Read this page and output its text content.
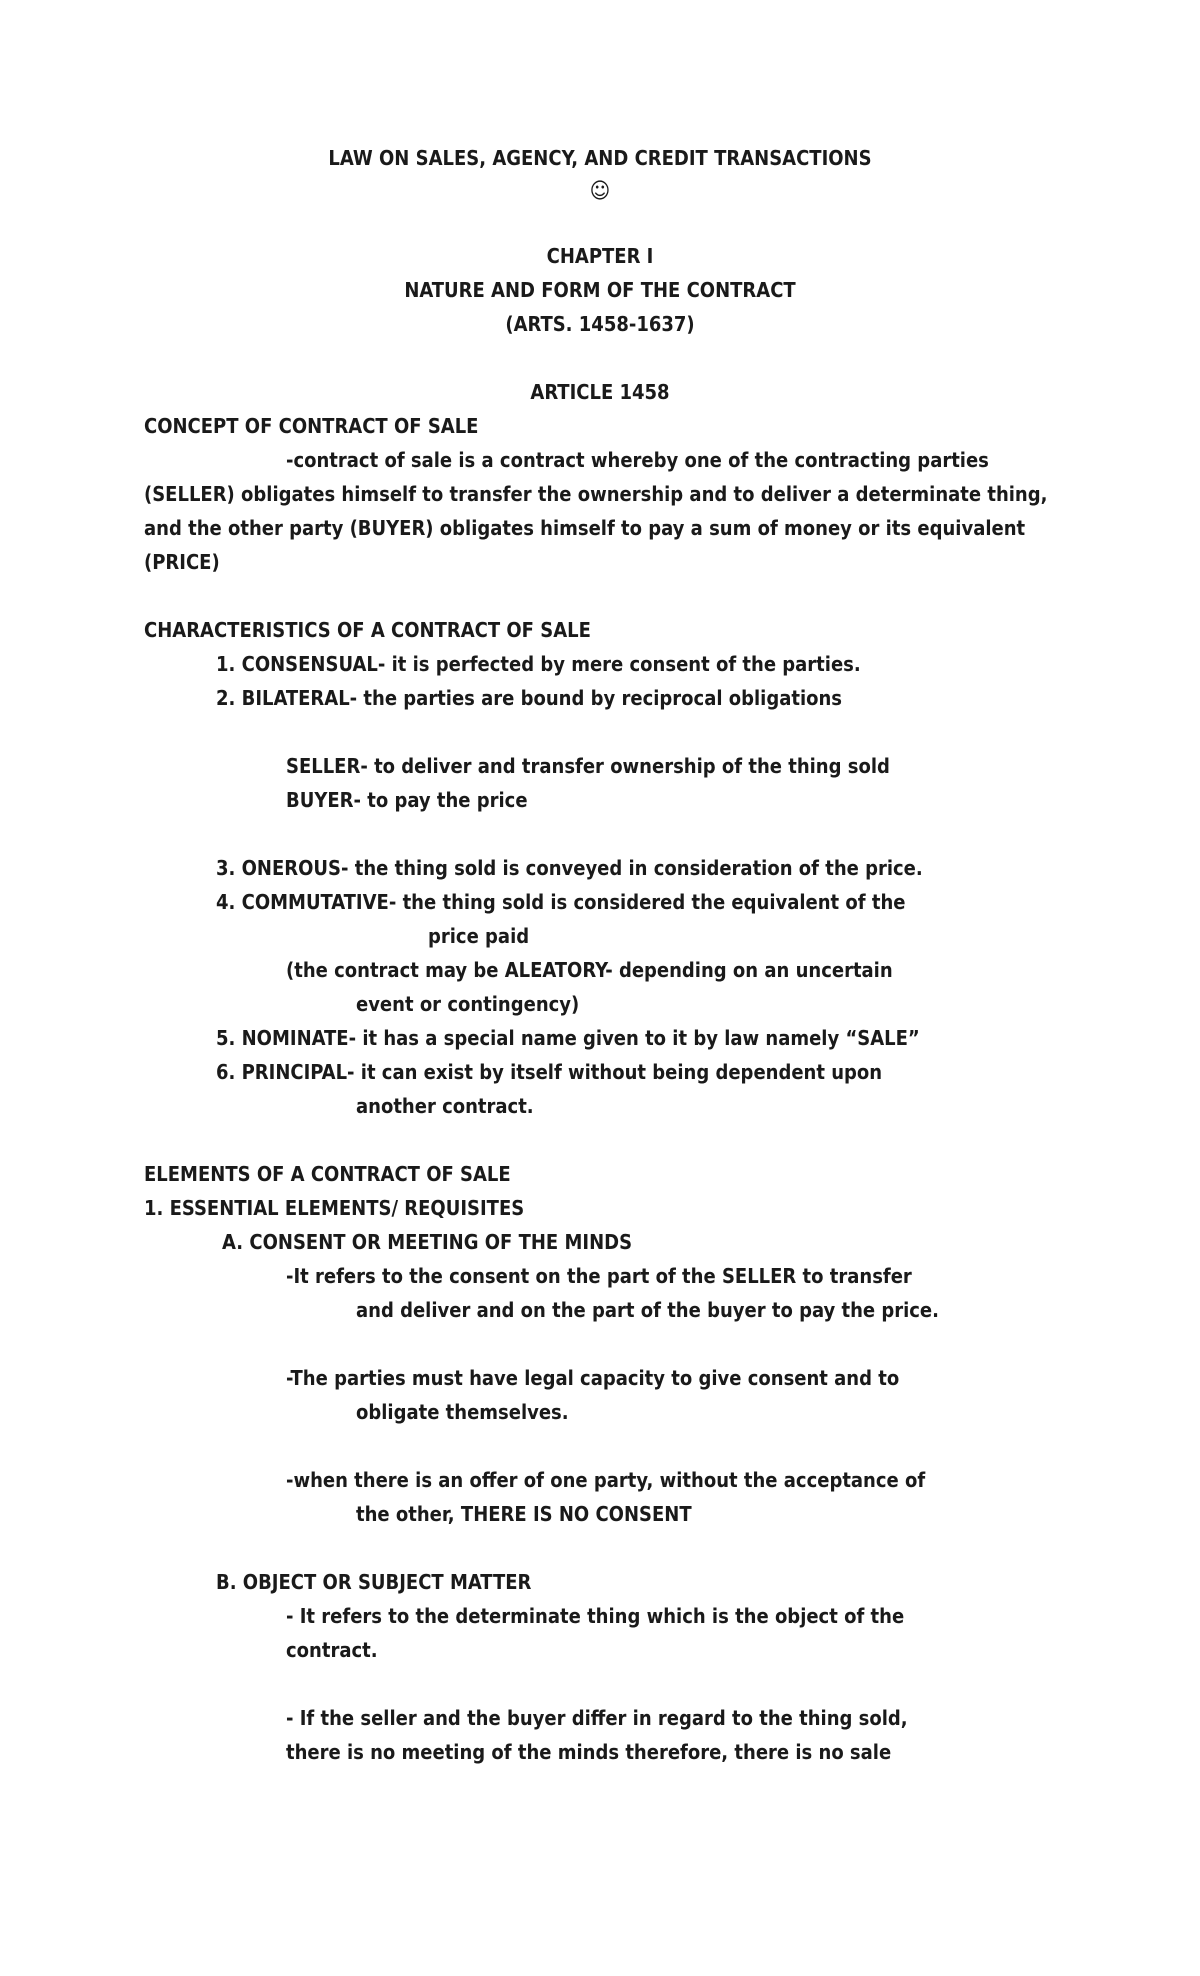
LAW ON SALES, AGENCY, AND CREDIT TRANSACTIONS
☺
CHAPTER I
NATURE AND FORM OF THE CONTRACT
(ARTS. 1458-1637)
ARTICLE 1458
CONCEPT OF CONTRACT OF SALE
-contract of sale is a contract whereby one of the contracting parties
(SELLER) obligates himself to transfer the ownership and to deliver a determinate thing,
and the other party (BUYER) obligates himself to pay a sum of money or its equivalent
(PRICE)
CHARACTERISTICS OF A CONTRACT OF SALE
1. CONSENSUAL- it is perfected by mere consent of the parties.
2. BILATERAL- the parties are bound by reciprocal obligations
SELLER- to deliver and transfer ownership of the thing sold
BUYER- to pay the price
3. ONEROUS- the thing sold is conveyed in consideration of the price.
4. COMMUTATIVE- the thing sold is considered the equivalent of the
price paid
(the contract may be ALEATORY- depending on an uncertain
event or contingency)
5. NOMINATE- it has a special name given to it by law namely “SALE”
6. PRINCIPAL- it can exist by itself without being dependent upon
another contract.
ELEMENTS OF A CONTRACT OF SALE
1. ESSENTIAL ELEMENTS/ REQUISITES
A. CONSENT OR MEETING OF THE MINDS
-It refers to the consent on the part of the SELLER to transfer
and deliver and on the part of the buyer to pay the price.
-The parties must have legal capacity to give consent and to
obligate themselves.
-when there is an offer of one party, without the acceptance of
the other, THERE IS NO CONSENT
B. OBJECT OR SUBJECT MATTER
- It refers to the determinate thing which is the object of the
contract.
- If the seller and the buyer differ in regard to the thing sold,
there is no meeting of the minds therefore, there is no sale
